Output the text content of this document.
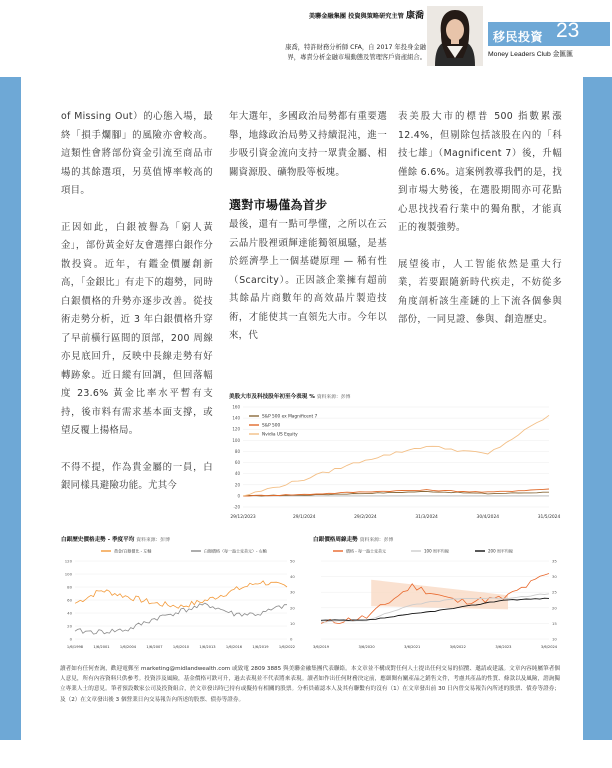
美聯金融集團 投資與策略研究主管 康喬
康喬，特許財務分析師 CFA，自 2017 年投身金融
界，專責分析金融市場動態及管理客戶資產組合。
移民投資 23
Money Leaders Club 金匯匯

of Missing Out）的心態入場，最終「損手爛腳」的風險亦會較高。這類性會將部份資金引流至商品市場的其餘選項，另莫值博率較高的項目。

正因如此，白銀被譽為「窮人黃金」，部份黃金好友會選擇白銀作分散投資。近年，有鑑金價屢創新高，「金銀比」有走下的趨勢，同時白銀價格的升勢亦逐步改善。從技術走勢分析，近 3 年白銀價格升穿了早前橫行區間的頂部，200 周線亦見底回升，反映中長線走勢有好轉跡象。近日縱有回調，但回落幅度 23.6% 黃金比率水平暫有支持，後市料有需求基本面支撐，或望反覆上揚格局。

不得不提，作為貴金屬的一員，白銀同樣具避險功能。尤其今

年大選年，多國政治局勢都有重要選舉，地緣政治局勢又持續混沌，進一步吸引資金流向支持一眾貴金屬、相關資源股、礦物股等板塊。

選對市場僅為首步

最後，還有一點可學懂，之所以在云云晶片股裡頭輝達能獨領風騷，是基於經濟學上一個基礎原理 — 稀有性（Scarcity）。正因該企業擁有超前其餘晶片商數年的高效晶片製造技術，才能使其一直領先大市。今年以來，代

表美股大市的標普 500 指數累漲 12.4%，但剔除包括該股在內的「科技七雄」（Magnificent 7）後，升幅僅餘 6.6%。這案例教導我們的是，找到市場大勢後，在選股期間亦可花點心思找找看行業中的獨角獸，才能真正的複製強勢。

展望後市，人工智能依然是重大行業，若要跟隨新時代疾走，不妨從多角度剖析該生產鏈的上下流各個參與部份，一同見證、參與、創造歷史。

美股大市及科技股年初至今表現 % 資料來源：彭博
-20
0
20
40
60
80
100
120
140
160
29/12/2023	29/1/2024	29/2/2024	31/3/2024	30/4/2024	31/5/2024
S&P 500 ex Magnificent 7
S&P 500
Nvidia US Equity
白銀歷史價格走勢 - 季度平均 資料來源：彭博
0
20
40
60
80
100
120
0
10
20
30
40
50
1/6/1998	1/6/2001	1/6/2004	1/6/2007	1/6/2010	1/6/2013	1/6/2016	1/6/2019	1/6/2022
黃金/白銀價比 - 左軸	白銀價格（每一盎士兌美元）- 右軸
白銀價格周線走勢 資料來源：彭博
10
15
20
25
30
35
3/6/2019	3/6/2020	3/6/2021	3/6/2022	3/6/2023	3/6/2024
價格 - 每一盎士兌美元	100 周平均線	200 周平均線
讀者如有任何查詢，歡迎電郵至 marketing@midlandwealth.com 或致電 2809 3885 與美聯金融集團代表聯絡。本文章並不構成對任何人士提出任何交易的招攬、邀請或建議。文章內容純屬筆者個人意見，所有內容資料只供參考。投資涉及風險，基金價格可跌可升，過去表現並不代表將來表現。讀者如作出任何財務決定前，應細閱有關產品之銷售文件，考慮其產品的性質、條款以及風險，諮詢獨立專業人士的意見。筆者預設數家公司及投資組合，於文章發出時已持有或擬持有相關的股票。分析員確認本人及其有聯繫有約沒有（1）在文章發出前 30 日內曾交易報告內所述的股票、債券等證券；及（2）在文章發出後 3 個營業日內交易報告內所述的股票、債券等證券。
